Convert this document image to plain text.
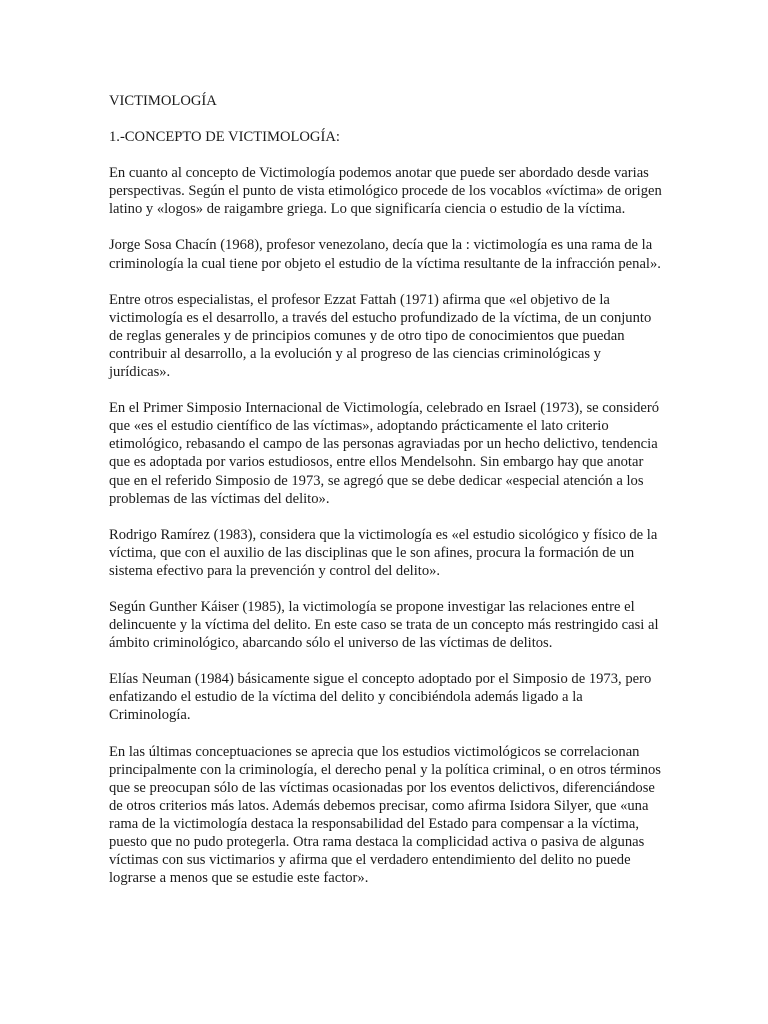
VICTIMOLOGÍA
1.-CONCEPTO DE VICTIMOLOGÍA:

En cuanto al concepto de Victimología podemos anotar que puede ser abordado desde varias perspectivas. Según el punto de vista etimológico procede de los vocablos «víctima» de origen latino y «logos» de raigambre griega. Lo que significaría ciencia o estudio de la víctima.

Jorge Sosa Chacín (1968), profesor venezolano, decía que la : victimología es una rama de la criminología la cual tiene por objeto el estudio de la víctima resultante de la infracción penal».

Entre otros especialistas, el profesor Ezzat Fattah (1971) afirma que «el objetivo de la victimología es el desarrollo, a través del estucho profundizado de la víctima, de un conjunto de reglas generales y de principios comunes y de otro tipo de conocimientos que puedan contribuir al desarrollo, a la evolución y al progreso de las ciencias criminológicas y jurídicas».

En el Primer Simposio Internacional de Victimología, celebrado en Israel (1973), se consideró que «es el estudio científico de las víctimas», adoptando prácticamente el lato criterio etimológico, rebasando el campo de las personas agraviadas por un hecho delictivo, tendencia que es adoptada por varios estudiosos, entre ellos Mendelsohn. Sin embargo hay que anotar que en el referido Simposio de 1973, se agregó que se debe dedicar «especial atención a los problemas de las víctimas del delito».

Rodrigo Ramírez (1983), considera que la victimología es «el estudio sicológico y físico de la víctima, que con el auxilio de las disciplinas que le son afines, procura la formación de un sistema efectivo para la prevención y control del delito».

Según Gunther Káiser (1985), la victimología se propone investigar las relaciones entre el delincuente y la víctima del delito. En este caso se trata de un concepto más restringido casi al ámbito criminológico, abarcando sólo el universo de las víctimas de delitos.

Elías Neuman (1984) básicamente sigue el concepto adoptado por el Simposio de 1973, pero enfatizando el estudio de la víctima del delito y concibiéndola además ligado a la Criminología.

En las últimas conceptuaciones se aprecia que los estudios victimológicos se correlacionan principalmente con la criminología, el derecho penal y la política criminal, o en otros términos que se preocupan sólo de las víctimas ocasionadas por los eventos delictivos, diferenciándose de otros criterios más latos. Además debemos precisar, como afirma Isidora Silyer, que «una rama de la victimología destaca la responsabilidad del Estado para compensar a la víctima, puesto que no pudo protegerla. Otra rama destaca la complicidad activa o pasiva de algunas víctimas con sus victimarios y afirma que el verdadero entendimiento del delito no puede lograrse a menos que se estudie este factor».
